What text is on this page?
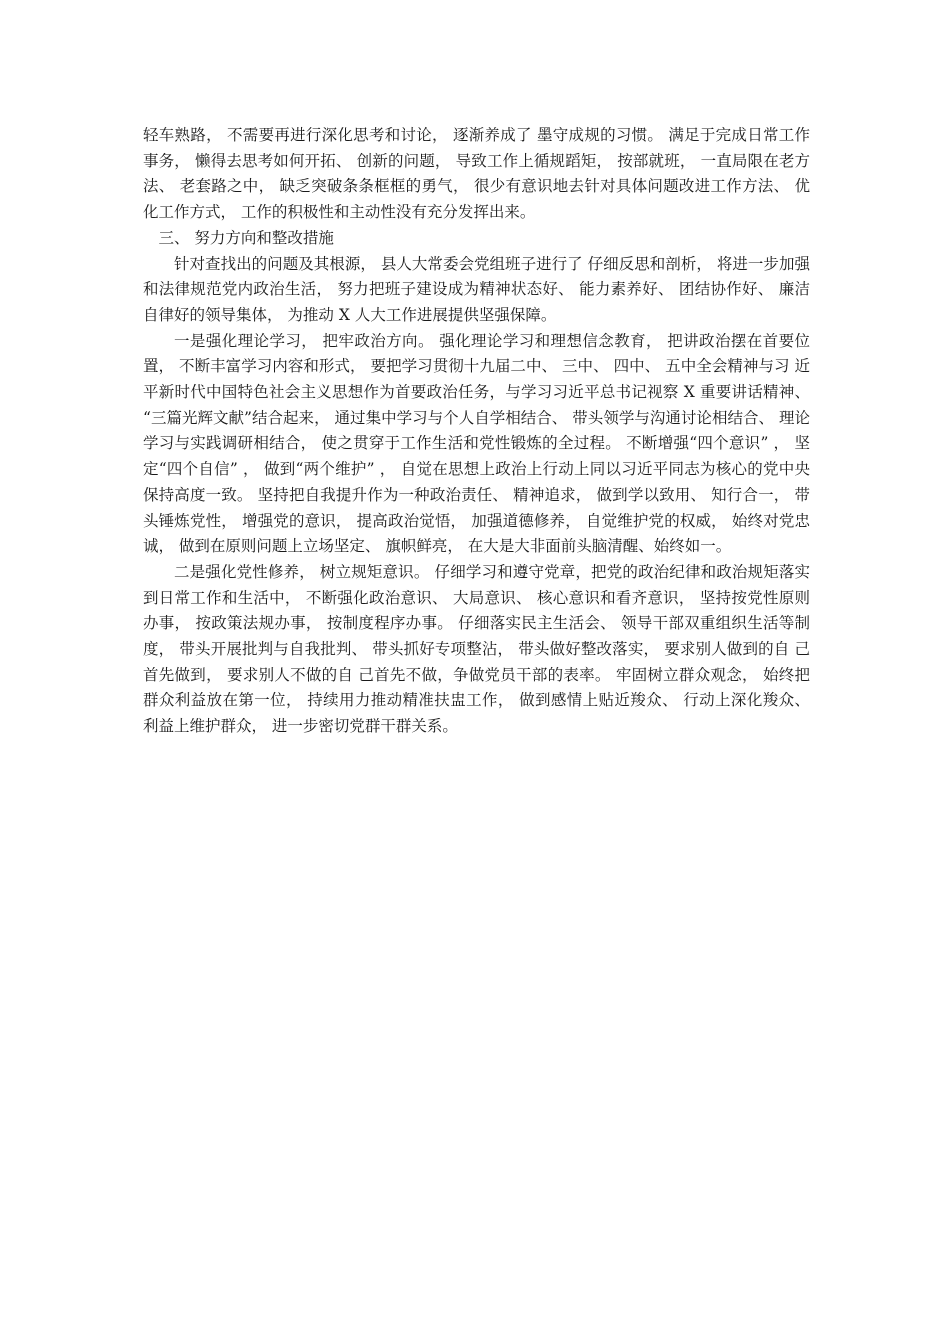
轻车熟路， 不需要再进行深化思考和讨论， 逐渐养成了 墨守成规的习惯。 满足于完成日常工作事务， 懒得去思考如何开拓、 创新的问题， 导致工作上循规蹈矩， 按部就班， 一直局限在老方法、 老套路之中， 缺乏突破条条框框的勇气， 很少有意识地去针对具体问题改进工作方法、 优化工作方式， 工作的积极性和主动性没有充分发挥出来。

三、 努力方向和整改措施

针对查找出的问题及其根源， 县人大常委会党组班子进行了 仔细反思和剖析， 将进一步加强和法律规范党内政治生活， 努力把班子建设成为精神状态好、 能力素养好、 团结协作好、 廉洁自律好的领导集体， 为推动 X 人大工作进展提供坚强保障。

一是强化理论学习， 把牢政治方向。 强化理论学习和理想信念教育， 把讲政治摆在首要位置， 不断丰富学习内容和形式， 要把学习贯彻十九届二中、 三中、 四中、 五中全会精神与习 近平新时代中国特色社会主义思想作为首要政治任务，与学习习近平总书记视察 X 重要讲话精神、 “三篇光辉文献”结合起来， 通过集中学习与个人自学相结合、 带头领学与沟通讨论相结合、 理论学习与实践调研相结合， 使之贯穿于工作生活和党性锻炼的全过程。 不断增强“四个意识” ， 坚定“四个自信” ， 做到“两个维护” ， 自觉在思想上政治上行动上同以习近平同志为核心的党中央保持高度一致。 坚持把自我提升作为一种政治责任、 精神追求， 做到学以致用、 知行合一， 带头锤炼党性， 增强党的意识， 提高政治觉悟， 加强道德修养， 自觉维护党的权威， 始终对党忠诚， 做到在原则问题上立场坚定、 旗帜鲜亮， 在大是大非面前头脑清醒、始终如一。

二是强化党性修养， 树立规矩意识。 仔细学习和遵守党章，把党的政治纪律和政治规矩落实到日常工作和生活中， 不断强化政治意识、 大局意识、 核心意识和看齐意识， 坚持按党性原则办事， 按政策法规办事， 按制度程序办事。 仔细落实民主生活会、 领导干部双重组织生活等制度， 带头开展批判与自我批判、 带头抓好专项整沾， 带头做好整改落实， 要求别人做到的自 己首先做到， 要求别人不做的自 己首先不做，争做党员干部的表率。 牢固树立群众观念， 始终把群众利益放在第一位， 持续用力推动精准扶盅工作， 做到感情上贴近羧众、 行动上深化羧众、 利益上维护群众， 进一步密切党群干群关系。
